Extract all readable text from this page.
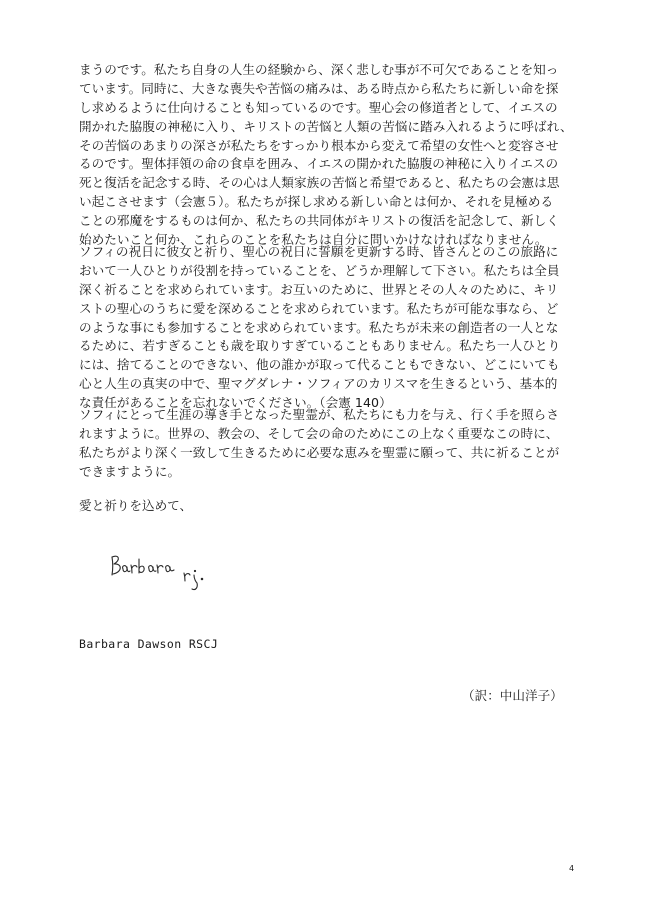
まうのです。私たち自身の人生の経験から、深く悲しむ事が不可欠であることを知っ
ています。同時に、大きな喪失や苦悩の痛みは、ある時点から私たちに新しい命を探
し求めるように仕向けることも知っているのです。聖心会の修道者として、イエスの
開かれた脇腹の神秘に入り、キリストの苦悩と人類の苦悩に踏み入れるように呼ばれ、
その苦悩のあまりの深さが私たちをすっかり根本から変えて希望の女性へと変容させ
るのです。聖体拝領の命の食卓を囲み、イエスの開かれた脇腹の神秘に入りイエスの
死と復活を記念する時、その心は人類家族の苦悩と希望であると、私たちの会憲は思
い起こさせます（会憲５）。私たちが探し求める新しい命とは何か、それを見極める
ことの邪魔をするものは何か、私たちの共同体がキリストの復活を記念して、新しく
始めたいこと何か、これらのことを私たちは自分に問いかけなければなりません。
ソフィの祝日に彼女と祈り、聖心の祝日に誓願を更新する時、皆さんとのこの旅路に
おいて一人ひとりが役割を持っていることを、どうか理解して下さい。私たちは全員
深く祈ることを求められています。お互いのために、世界とその人々のために、キリ
ストの聖心のうちに愛を深めることを求められています。私たちが可能な事なら、ど
のような事にも参加することを求められています。私たちが未来の創造者の一人とな
るために、若すぎることも歳を取りすぎていることもありません。私たち一人ひとり
には、捨てることのできない、他の誰かが取って代ることもできない、どこにいても
心と人生の真実の中で、聖マグダレナ・ソフィアのカリスマを生きるという、基本的
な責任があることを忘れないでください。（会憲 140）
ソフィにとって生涯の導き手となった聖霊が、私たちにも力を与え、行く手を照らさ
れますように。世界の、教会の、そして会の命のためにこの上なく重要なこの時に、
私たちがより深く一致して生きるために必要な恵みを聖霊に願って、共に祈ることが
できますように。
愛と祈りを込めて、
Barbara Dawson RSCJ
（訳：中山洋子）
4
